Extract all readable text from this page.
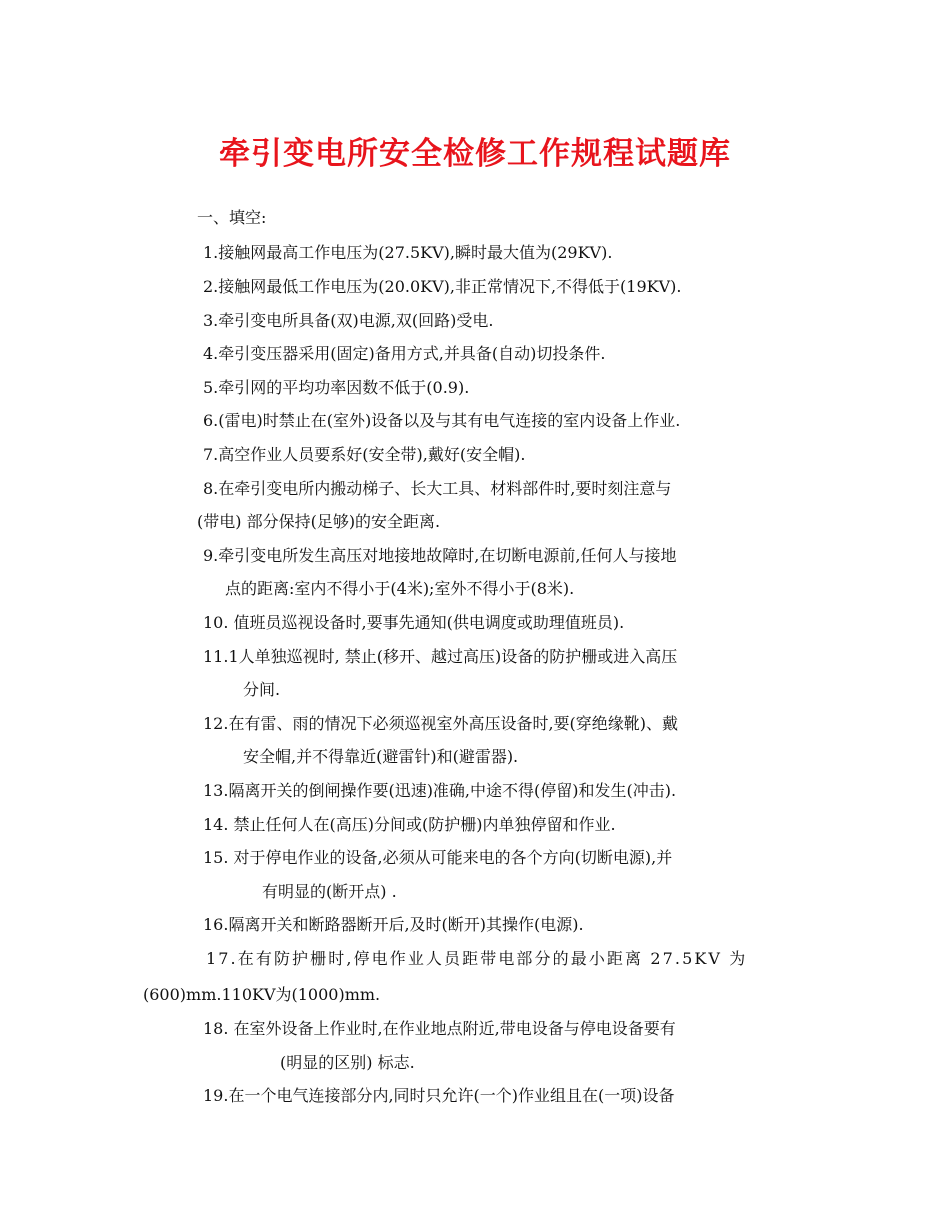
牵引变电所安全检修工作规程试题库

一、填空:

1.接触网最高工作电压为(27.5KV),瞬时最大值为(29KV).

2.接触网最低工作电压为(20.0KV),非正常情况下,不得低于(19KV).

3.牵引变电所具备(双)电源,双(回路)受电.

4.牵引变压器采用(固定)备用方式,并具备(自动)切投条件.

5.牵引网的平均功率因数不低于(0.9).

6.(雷电)时禁止在(室外)设备以及与其有电气连接的室内设备上作业.

7.高空作业人员要系好(安全带),戴好(安全帽).

8.在牵引变电所内搬动梯子、长大工具、材料部件时,要时刻注意与

(带电) 部分保持(足够)的安全距离.

9.牵引变电所发生高压对地接地故障时,在切断电源前,任何人与接地

点的距离:室内不得小于(4米);室外不得小于(8米).

10. 值班员巡视设备时,要事先通知(供电调度或助理值班员).

11.1人单独巡视时, 禁止(移开、越过高压)设备的防护栅或进入高压

分间.

12.在有雷、雨的情况下必须巡视室外高压设备时,要(穿绝缘靴)、戴

安全帽,并不得靠近(避雷针)和(避雷器).

13.隔离开关的倒闸操作要(迅速)准确,中途不得(停留)和发生(冲击).

14. 禁止任何人在(高压)分间或(防护栅)内单独停留和作业.

15. 对于停电作业的设备,必须从可能来电的各个方向(切断电源),并

有明显的(断开点) .

16.隔离开关和断路器断开后,及时(断开)其操作(电源).

17.在有防护栅时,停电作业人员距带电部分的最小距离 27.5KV 为

(600)mm.110KV为(1000)mm.

18. 在室外设备上作业时,在作业地点附近,带电设备与停电设备要有

(明显的区别) 标志.

19.在一个电气连接部分内,同时只允许(一个)作业组且在(一项)设备
